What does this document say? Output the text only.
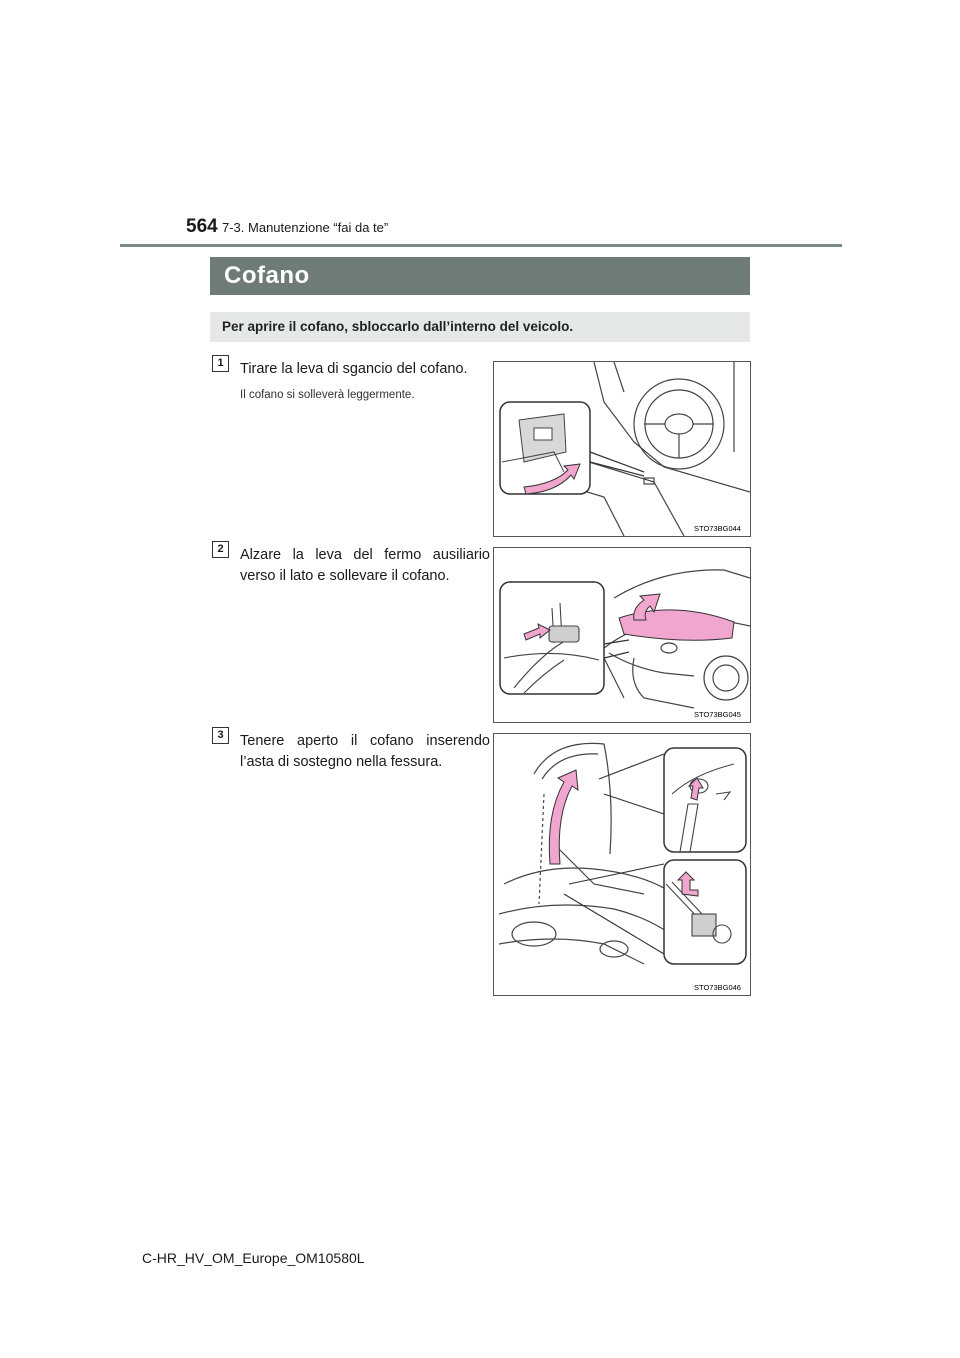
564 7-3. Manutenzione “fai da te”
Cofano
Per aprire il cofano, sbloccarlo dall’interno del veicolo.
1	Tirare la leva di sgancio del cofano.
Il cofano si solleverà leggermente.
STO73BG044
2	Alzare la leva del fermo ausiliario verso il lato e sollevare il cofano.
STO73BG045
3	Tenere aperto il cofano inserendo l’asta di sostegno nella fessura.
STO73BG046
C-HR_HV_OM_Europe_OM10580L
